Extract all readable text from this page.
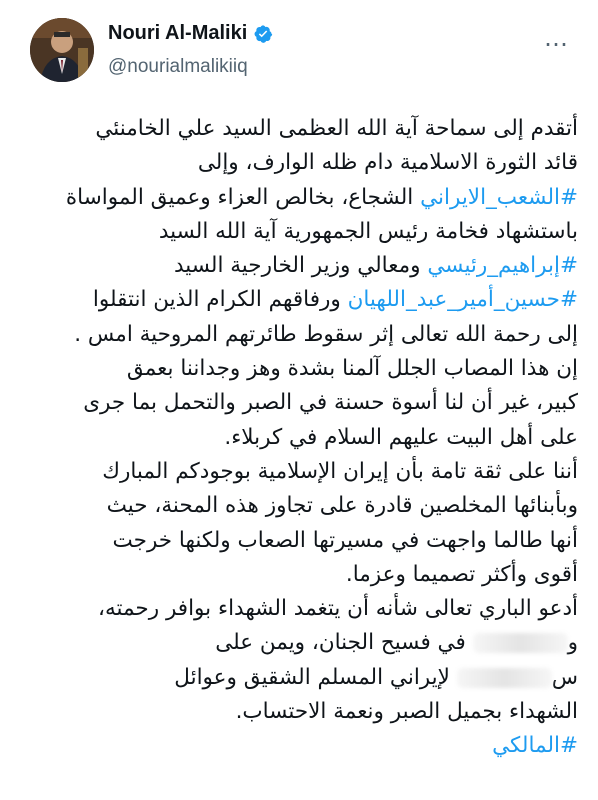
Nouri Al-Maliki
@nourialmalikiiq
…
أتقدم إلى سماحة آية الله العظمى السيد علي الخامنئي
قائد الثورة الاسلامية دام ظله الوارف، وإلى
#الشعب_الايراني الشجاع، بخالص العزاء وعميق المواساة
باستشهاد فخامة رئيس الجمهورية آية الله السيد
#إبراهيم_رئيسي ومعالي وزير الخارجية السيد
#حسين_أمير_عبد_اللهيان ورفاقهم الكرام الذين انتقلوا
إلى رحمة الله تعالى إثر سقوط طائرتهم المروحية امس .
إن هذا المصاب الجلل آلمنا بشدة وهز وجداننا بعمق
كبير، غير أن لنا أسوة حسنة في الصبر والتحمل بما جرى
على أهل البيت عليهم السلام في كربلاء.
أننا على ثقة تامة بأن إيران الإسلامية بوجودكم المبارك
وبأبنائها المخلصين قادرة على تجاوز هذه المحنة، حيث
أنها طالما واجهت في مسيرتها الصعاب ولكنها خرجت
أقوى وأكثر تصميما وعزما.
أدعو الباري تعالى شأنه أن يتغمد الشهداء بوافر رحمته،
و في فسيح الجنان، ويمن على
س لإيراني المسلم الشقيق وعوائل
الشهداء بجميل الصبر ونعمة الاحتساب.
#المالكي
